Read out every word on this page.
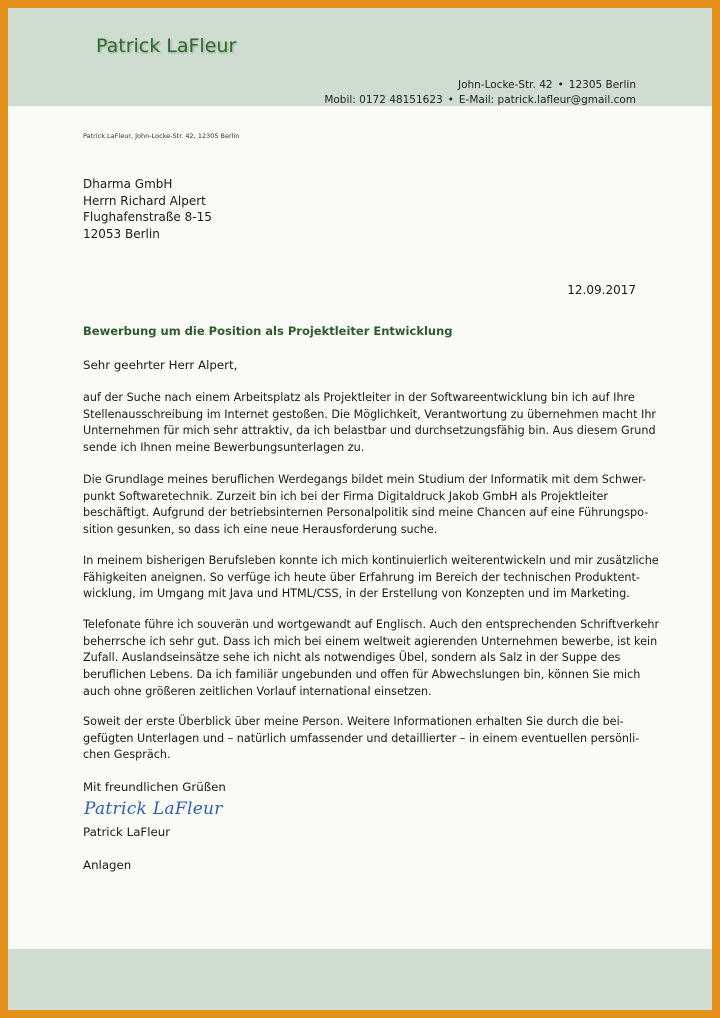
Patrick LaFleur
John-Locke-Str. 42 • 12305 Berlin
Mobil: 0172 48151623 • E-Mail: patrick.lafleur@gmail.com
Patrick LaFleur, John-Locke-Str. 42, 12305 Berlin
Dharma GmbH
Herrn Richard Alpert
Flughafenstraße 8-15
12053 Berlin
12.09.2017
Bewerbung um die Position als Projektleiter Entwicklung
Sehr geehrter Herr Alpert,
auf der Suche nach einem Arbeitsplatz als Projektleiter in der Softwareentwicklung bin ich auf Ihre
Stellenausschreibung im Internet gestoßen. Die Möglichkeit, Verantwortung zu übernehmen macht Ihr
Unternehmen für mich sehr attraktiv, da ich belastbar und durchsetzungsfähig bin. Aus diesem Grund
sende ich Ihnen meine Bewerbungsunterlagen zu.
Die Grundlage meines beruflichen Werdegangs bildet mein Studium der Informatik mit dem Schwer-
punkt Softwaretechnik. Zurzeit bin ich bei der Firma Digitaldruck Jakob GmbH als Projektleiter
beschäftigt. Aufgrund der betriebsinternen Personalpolitik sind meine Chancen auf eine Führungspo-
sition gesunken, so dass ich eine neue Herausforderung suche.
In meinem bisherigen Berufsleben konnte ich mich kontinuierlich weiterentwickeln und mir zusätzliche
Fähigkeiten aneignen. So verfüge ich heute über Erfahrung im Bereich der technischen Produktent-
wicklung, im Umgang mit Java und HTML/CSS, in der Erstellung von Konzepten und im Marketing.
Telefonate führe ich souverän und wortgewandt auf Englisch. Auch den entsprechenden Schriftverkehr
beherrsche ich sehr gut. Dass ich mich bei einem weltweit agierenden Unternehmen bewerbe, ist kein
Zufall. Auslandseinsätze sehe ich nicht als notwendiges Übel, sondern als Salz in der Suppe des
beruflichen Lebens. Da ich familiär ungebunden und offen für Abwechslungen bin, können Sie mich
auch ohne größeren zeitlichen Vorlauf international einsetzen.
Soweit der erste Überblick über meine Person. Weitere Informationen erhalten Sie durch die bei-
gefügten Unterlagen und – natürlich umfassender und detaillierter – in einem eventuellen persönli-
chen Gespräch.
Mit freundlichen Grüßen
Patrick LaFleur
Patrick LaFleur
Anlagen
